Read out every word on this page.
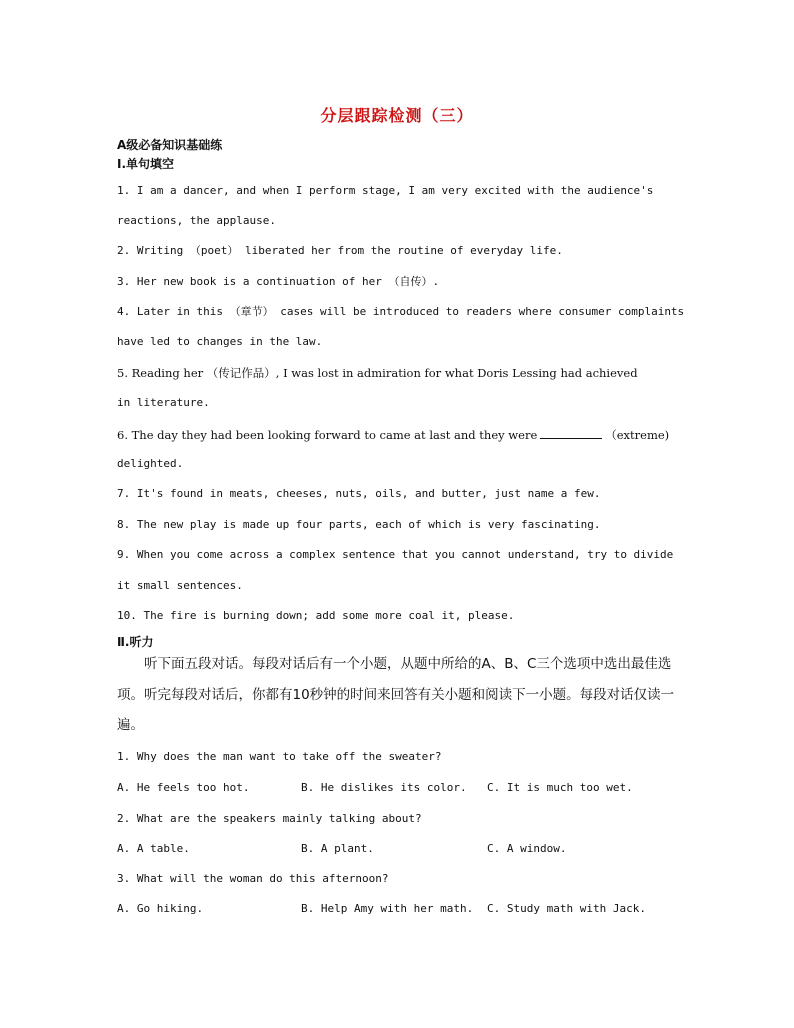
分层跟踪检测（三）
A级必备知识基础练
Ⅰ.单句填空
1. I am a dancer, and when I perform stage, I am very excited with the audience's
reactions, the applause.
2. Writing （poet） liberated her from the routine of everyday life.
3. Her new book is a continuation of her （自传）.
4. Later in this （章节） cases will be introduced to readers where consumer complaints
have led to changes in the law.
5. Reading her （传记作品）, I was lost in admiration for what Doris Lessing had achieved
in literature.
6. The day they had been looking forward to came at last and they were	（extreme)
delighted.
7. It's found in meats, cheeses, nuts, oils, and butter, just name a few.
8. The new play is made up four parts, each of which is very fascinating.
9. When you come across a complex sentence that you cannot understand, try to divide
it small sentences.
10. The fire is burning down; add some more coal it, please.
Ⅱ.听力
　　听下面五段对话。每段对话后有一个小题，从题中所给的A、B、C三个选项中选出最佳选
项。听完每段对话后，你都有10秒钟的时间来回答有关小题和阅读下一小题。每段对话仅读一
遍。
1. Why does the man want to take off the sweater?
A. He feels too hot.	B. He dislikes its color. C. It is much too wet.
2. What are the speakers mainly talking about?
A. A table.	B. A plant.	C. A window.
3. What will the woman do this afternoon?
A. Go hiking.	B. Help Amy with her math. C. Study math with Jack.
